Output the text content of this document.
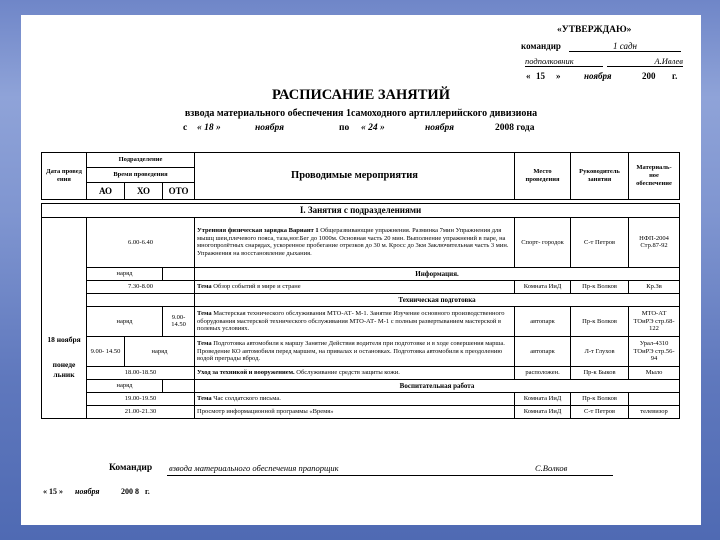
«УТВЕРЖДАЮ»
командир	1 садн
подполковник	А.Ивлев
« 15 »	ноября	200 г.
РАСПИСАНИЕ ЗАНЯТИЙ
взвода материального обеспечения 1самоходного артиллерийского дивизиона
с « 18 »	ноября	по « 24 »	ноября	2008 года
Дата провед ения	Подразделение			Проводимые мероприятия	Место проведения	Руководитель занятия	Материаль- ное обеспечение
	Время проведения						
	АО	ХО	ОТО				

I. Занятия с подразделениями							

18 ноября
понеде льник	6.00-6.40			Утренняя физическая зарядка Вариант 1 Общеразвивающие упражнения. Разминка 7мин Упражнения для мышц шеи,плечевого пояса, таза,ног.Бег до 1000м. Основная часть 20 мин. Выполнение упражнений в паре, на многопролётных снарядах, ускоренное пробегание отрезков до 30 м. Кросс до 3км Заключительная часть 3 мин. Упражнения на восстановление дыхания.	Спорт- городок	С-т Петров	НФП-2004 Стр.87-92
	наряд			Информация.			
	7.30-8.00			Тема Обзор событий в мире и стране	Комната ИиД	Пр-к Волков	Кр.Зв
				Техническая подготовка			
	наряд		9.00- 14.50	Тема Мастерская технического обслуживания МТО-АТ- М-1. Занятие Изучение основного производственного оборудования мастерской технического обслуживания МТО-АТ- М-1 с полным развертыванием мастерской в полевых условиях.	автопарк	Пр-к Волков	МТО-АТ ТОиРЭ стр.68-122
	9.00- 14.50	наряд		Тема Подготовка автомобиля к маршу Занятие Действия водителя при подготовке и в ходе совершения марша. Проведение КО автомобиля перед маршем, на привалах и остановках. Подготовка автомобиля к преодолению водой преграды вброд.	автопарк	Л-т Глухов	Урал-4310 ТОиРЭ стр.56-94
	18.00-18.50			Уход за техникой и вооружением. Обслуживание средств защиты кожи.	расположен.	Пр-к Быков	Мыло
	наряд			Воспитательная работа			
	19.00-19.50			Тема Час солдатского письма.	Комната ИиД	Пр-к Волков	
	21.00-21.30			Просмотр информационной программы «Время»	Комната ИиД	С-т Петров	телевизор
Командир взвода материального обеспечения прапорщик	С.Волков
« 15 » ноября	200 8 г.
